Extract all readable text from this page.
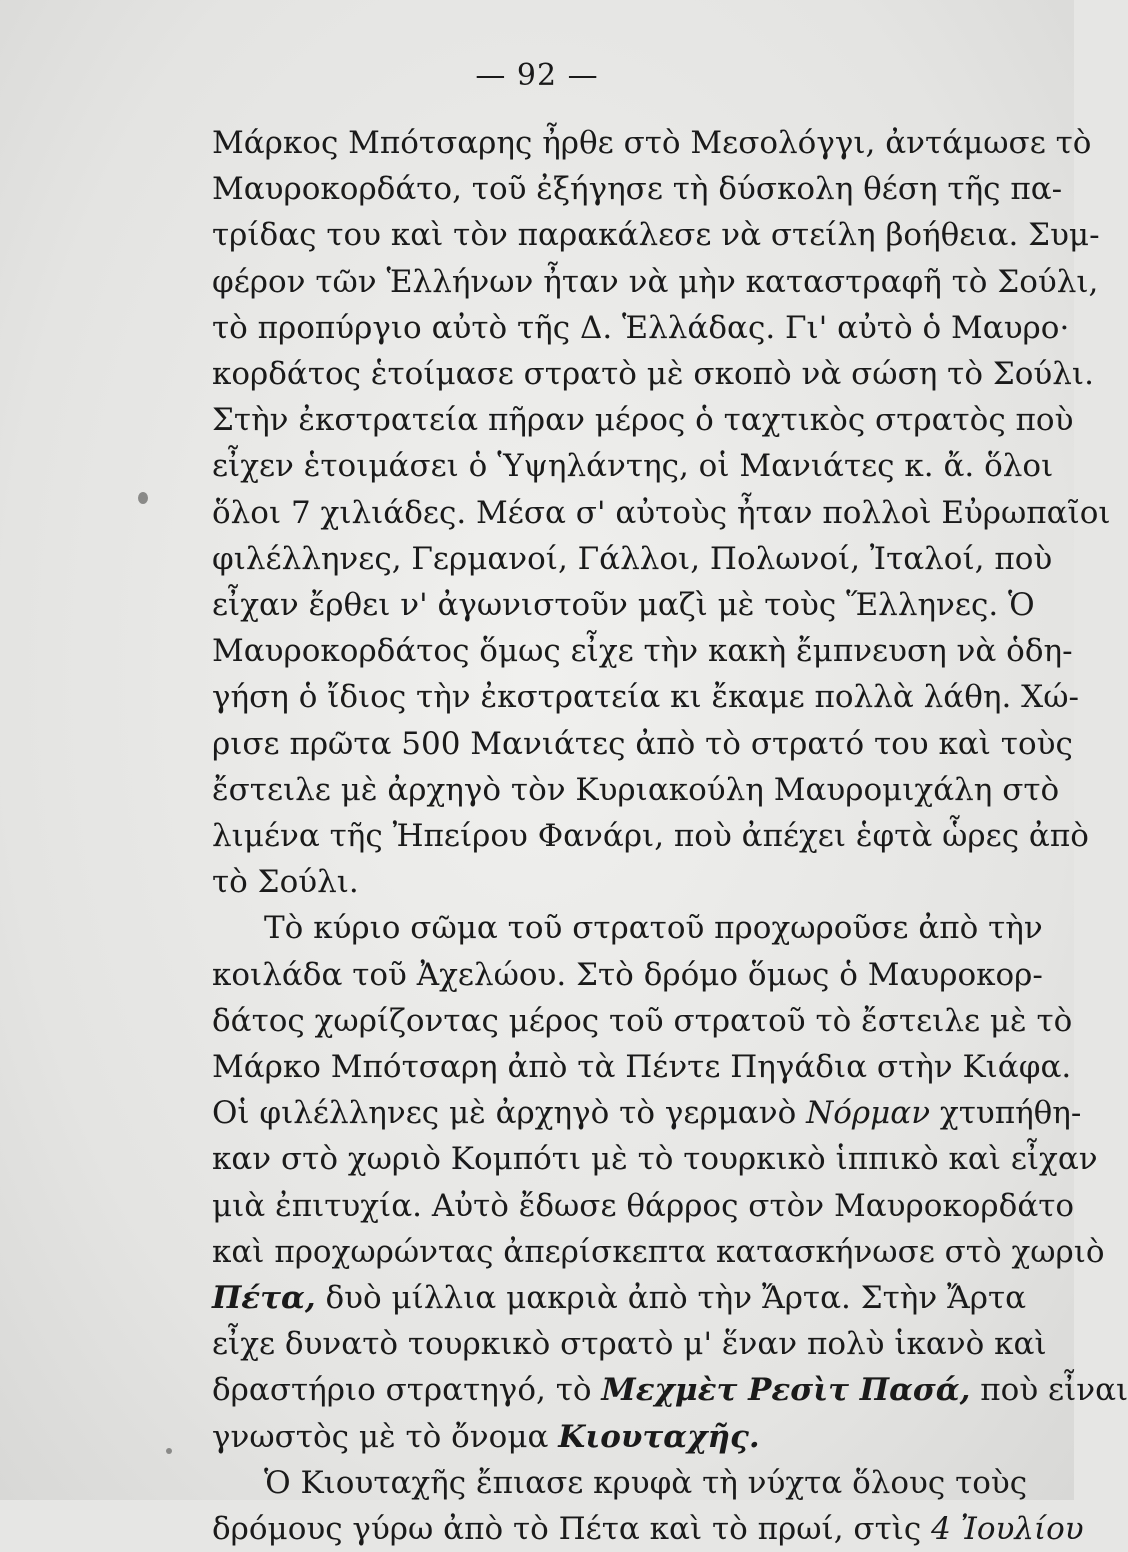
— 92 —
Μάρκος Μπότσαρης ἦρθε στὸ Μεσολόγγι, ἀντάμωσε τὸ
Μαυροκορδάτο, τοῦ ἐξήγησε τὴ δύσκολη θέση τῆς πα-
τρίδας του καὶ τὸν παρακάλεσε νὰ στείλη βοήθεια. Συμ-
φέρον τῶν Ἑλλήνων ἦταν νὰ μὴν καταστραφῆ τὸ Σούλι,
τὸ προπύργιο αὐτὸ τῆς Δ. Ἑλλάδας. Γι' αὐτὸ ὁ Μαυρο·
κορδάτος ἑτοίμασε στρατὸ μὲ σκοπὸ νὰ σώση τὸ Σούλι.
Στὴν ἐκστρατεία πῆραν μέρος ὁ ταχτικὸς στρατὸς ποὺ
εἶχεν ἑτοιμάσει ὁ Ὑψηλάντης, οἱ Μανιάτες κ. ἄ. ὅλοι
ὅλοι 7 χιλιάδες. Μέσα σ' αὐτοὺς ἦταν πολλοὶ Εὐρωπαῖοι
φιλέλληνες, Γερμανοί, Γάλλοι, Πολωνοί, Ἰταλοί, ποὺ
εἶχαν ἔρθει ν' ἀγωνιστοῦν μαζὶ μὲ τοὺς Ἕλληνες. Ὁ
Μαυροκορδάτος ὅμως εἶχε τὴν κακὴ ἔμπνευση νὰ ὁδη-
γήση ὁ ἴδιος τὴν ἐκστρατεία κι ἔκαμε πολλὰ λάθη. Χώ-
ρισε πρῶτα 500 Μανιάτες ἀπὸ τὸ στρατό του καὶ τοὺς
ἔστειλε μὲ ἀρχηγὸ τὸν Κυριακούλη Μαυρομιχάλη στὸ
λιμένα τῆς Ἠπείρου Φανάρι, ποὺ ἀπέχει ἑφτὰ ὧρες ἀπὸ
τὸ Σούλι.
Τὸ κύριο σῶμα τοῦ στρατοῦ προχωροῦσε ἀπὸ τὴν
κοιλάδα τοῦ Ἀχελώου. Στὸ δρόμο ὅμως ὁ Μαυροκορ-
δάτος χωρίζοντας μέρος τοῦ στρατοῦ τὸ ἔστειλε μὲ τὸ
Μάρκο Μπότσαρη ἀπὸ τὰ Πέντε Πηγάδια στὴν Κιάφα.
Οἱ φιλέλληνες μὲ ἀρχηγὸ τὸ γερμανὸ Νόρμαν χτυπήθη-
καν στὸ χωριὸ Κομπότι μὲ τὸ τουρκικὸ ἱππικὸ καὶ εἶχαν
μιὰ ἐπιτυχία. Αὐτὸ ἔδωσε θάρρος στὸν Μαυροκορδάτο
καὶ προχωρώντας ἀπερίσκεπτα κατασκήνωσε στὸ χωριὸ
Πέτα, δυὸ μίλλια μακριὰ ἀπὸ τὴν Ἄρτα. Στὴν Ἄρτα
εἶχε δυνατὸ τουρκικὸ στρατὸ μ' ἕναν πολὺ ἱκανὸ καὶ
δραστήριο στρατηγό, τὸ Μεχμὲτ Ρεσὶτ Πασά, ποὺ εἶναι
γνωστὸς μὲ τὸ ὄνομα Κιουταχῆς.
Ὁ Κιουταχῆς ἔπιασε κρυφὰ τὴ νύχτα ὅλους τοὺς
δρόμους γύρω ἀπὸ τὸ Πέτα καὶ τὸ πρωί, στὶς 4 Ἰουλίου
